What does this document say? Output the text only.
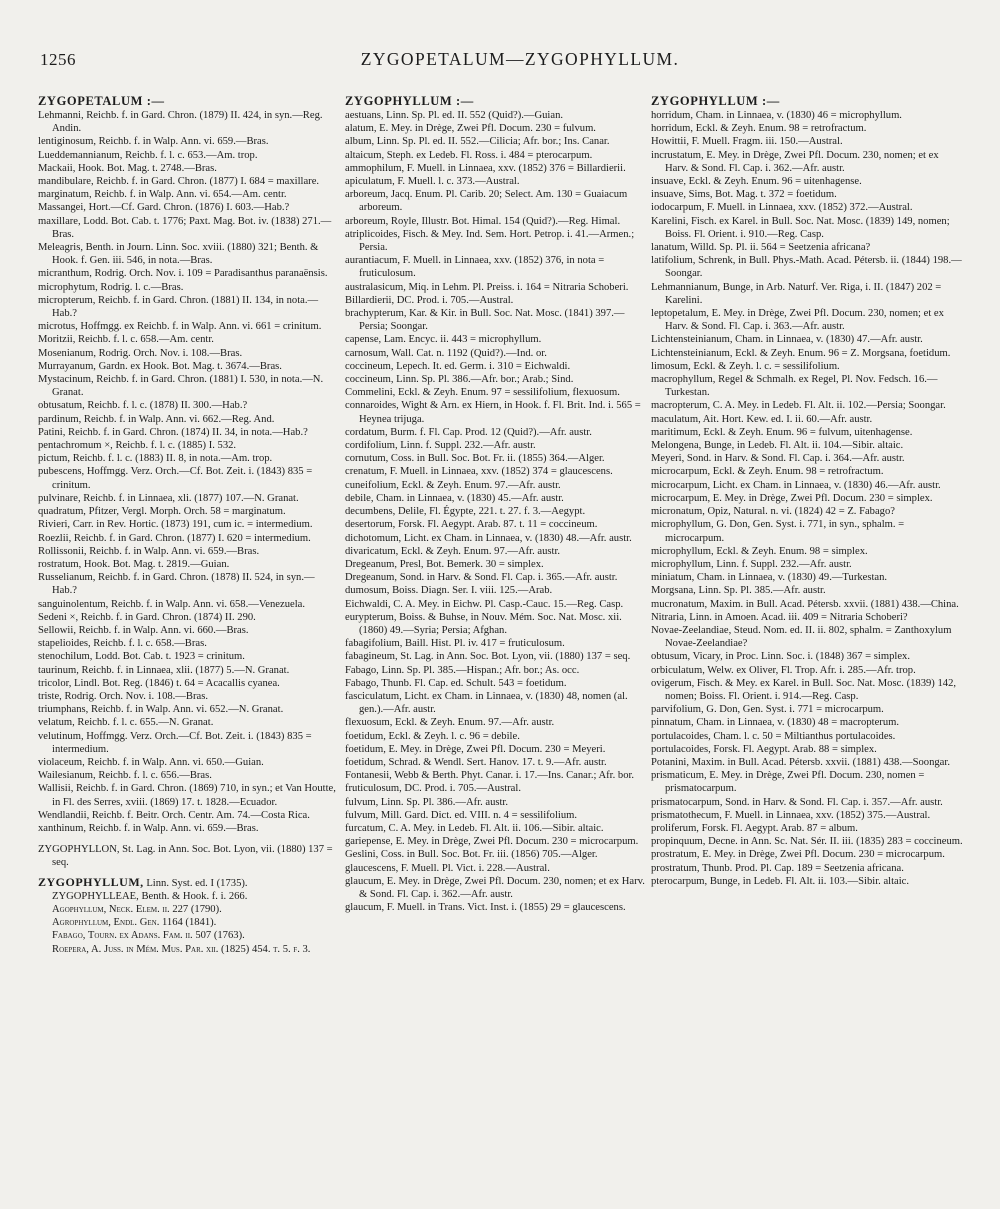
1256	ZYGOPETALUM—ZYGOPHYLLUM.
ZYGOPETALUM :—
Lehmanni, Reichb. f. in Gard. Chron. (1879) II. 424, in syn.—Reg. Andin.
lentiginosum, Reichb. f. in Walp. Ann. vi. 659.—Bras.
Lueddemannianum, Reichb. f. l. c. 653.—Am. trop.
Mackaii, Hook. Bot. Mag. t. 2748.—Bras.
mandibulare, Reichb. f. in Gard. Chron. (1877) I. 684 = maxillare.
marginatum, Reichb. f. in Walp. Ann. vi. 654.—Am. centr.
Massangei, Hort.—Cf. Gard. Chron. (1876) I. 603.—Hab.?
maxillare, Lodd. Bot. Cab. t. 1776; Paxt. Mag. Bot. iv. (1838) 271.—Bras.
Meleagris, Benth. in Journ. Linn. Soc. xviii. (1880) 321; Benth. & Hook. f. Gen. iii. 546, in nota.—Bras.
micranthum, Rodrig. Orch. Nov. i. 109 = Paradisanthus paranaënsis.
microphytum, Rodrig. l. c.—Bras.
micropterum, Reichb. f. in Gard. Chron. (1881) II. 134, in nota.—Hab.?
microtus, Hoffmgg. ex Reichb. f. in Walp. Ann. vi. 661 = crinitum.
Moritzii, Reichb. f. l. c. 658.—Am. centr.
Mosenianum, Rodrig. Orch. Nov. i. 108.—Bras.
Murrayanum, Gardn. ex Hook. Bot. Mag. t. 3674.—Bras.
Mystacinum, Reichb. f. in Gard. Chron. (1881) I. 530, in nota.—N. Granat.
obtusatum, Reichb. f. l. c. (1878) II. 300.—Hab.?
pardinum, Reichb. f. in Walp. Ann. vi. 662.—Reg. And.
Patini, Reichb. f. in Gard. Chron. (1874) II. 34, in nota.—Hab.?
pentachromum ×, Reichb. f. l. c. (1885) I. 532.
pictum, Reichb. f. l. c. (1883) II. 8, in nota.—Am. trop.
pubescens, Hoffmgg. Verz. Orch.—Cf. Bot. Zeit. i. (1843) 835 = crinitum.
pulvinare, Reichb. f. in Linnaea, xli. (1877) 107.—N. Granat.
quadratum, Pfitzer, Vergl. Morph. Orch. 58 = marginatum.
Rivieri, Carr. in Rev. Hortic. (1873) 191, cum ic. = intermedium.
Roezlii, Reichb. f. in Gard. Chron. (1877) I. 620 = intermedium.
Rollissonii, Reichb. f. in Walp. Ann. vi. 659.—Bras.
rostratum, Hook. Bot. Mag. t. 2819.—Guian.
Russelianum, Reichb. f. in Gard. Chron. (1878) II. 524, in syn.—Hab.?
sanguinolentum, Reichb. f. in Walp. Ann. vi. 658.—Venezuela.
Sedeni ×, Reichb. f. in Gard. Chron. (1874) II. 290.
Sellowii, Reichb. f. in Walp. Ann. vi. 660.—Bras.
stapelioides, Reichb. f. l. c. 658.—Bras.
stenochilum, Lodd. Bot. Cab. t. 1923 = crinitum.
taurinum, Reichb. f. in Linnaea, xlii. (1877) 5.—N. Granat.
tricolor, Lindl. Bot. Reg. (1846) t. 64 = Acacallis cyanea.
triste, Rodrig. Orch. Nov. i. 108.—Bras.
triumphans, Reichb. f. in Walp. Ann. vi. 652.—N. Granat.
velatum, Reichb. f. l. c. 655.—N. Granat.
velutinum, Hoffmgg. Verz. Orch.—Cf. Bot. Zeit. i. (1843) 835 = intermedium.
violaceum, Reichb. f. in Walp. Ann. vi. 650.—Guian.
Wailesianum, Reichb. f. l. c. 656.—Bras.
Wallisii, Reichb. f. in Gard. Chron. (1869) 710, in syn.; et Van Houtte, in Fl. des Serres, xviii. (1869) 17. t. 1828.—Ecuador.
Wendlandii, Reichb. f. Beitr. Orch. Centr. Am. 74.—Costa Rica.
xanthinum, Reichb. f. in Walp. Ann. vi. 659.—Bras.
ZYGOPHYLLON, St. Lag. in Ann. Soc. Bot. Lyon, vii. (1880) 137 = seq.
ZYGOPHYLLUM, Linn. Syst. ed. I (1735). ZYGOPHYLLEAE, Benth. & Hook. f. i. 266.
Agophyllum, Neck. Elem. ii. 227 (1790).
Agrophyllum, Endl. Gen. 1164 (1841).
Fabago, Tourn. ex Adans. Fam. ii. 507 (1763).
Roepera, A. Juss. in Mém. Mus. Par. xii. (1825) 454. t. 5. f. 3.
ZYGOPHYLLUM :—
aestuans, Linn. Sp. Pl. ed. II. 552 (Quid?).—Guian.
alatum, E. Mey. in Drège, Zwei Pfl. Docum. 230 = fulvum.
album, Linn. Sp. Pl. ed. II. 552.—Cilicia; Afr. bor.; Ins. Canar.
altaicum, Steph. ex Ledeb. Fl. Ross. i. 484 = pterocarpum.
ammophilum, F. Muell. in Linnaea, xxv. (1852) 376 = Billardierii.
apiculatum, F. Muell. l. c. 373.—Austral.
arboreum, Jacq. Enum. Pl. Carib. 20; Select. Am. 130 = Guaiacum arboreum.
arboreum, Royle, Illustr. Bot. Himal. 154 (Quid?).—Reg. Himal.
atriplicoides, Fisch. & Mey. Ind. Sem. Hort. Petrop. i. 41.—Armen.; Persia.
aurantiacum, F. Muell. in Linnaea, xxv. (1852) 376, in nota = fruticulosum.
australasicum, Miq. in Lehm. Pl. Preiss. i. 164 = Nitraria Schoberi.
Billardierii, DC. Prod. i. 705.—Austral.
brachypterum, Kar. & Kir. in Bull. Soc. Nat. Mosc. (1841) 397.—Persia; Soongar.
capense, Lam. Encyc. ii. 443 = microphyllum.
carnosum, Wall. Cat. n. 1192 (Quid?).—Ind. or.
coccineum, Lepech. It. ed. Germ. i. 310 = Eichwaldi.
coccineum, Linn. Sp. Pl. 386.—Afr. bor.; Arab.; Sind.
Commelini, Eckl. & Zeyh. Enum. 97 = sessilifolium, flexuosum.
connaroides, Wight & Arn. ex Hiern, in Hook. f. Fl. Brit. Ind. i. 565 = Heynea trijuga.
cordatum, Burm. f. Fl. Cap. Prod. 12 (Quid?).—Afr. austr.
cordifolium, Linn. f. Suppl. 232.—Afr. austr.
cornutum, Coss. in Bull. Soc. Bot. Fr. ii. (1855) 364.—Alger.
crenatum, F. Muell. in Linnaea, xxv. (1852) 374 = glaucescens.
cuneifolium, Eckl. & Zeyh. Enum. 97.—Afr. austr.
debile, Cham. in Linnaea, v. (1830) 45.—Afr. austr.
decumbens, Delile, Fl. Égypte, 221. t. 27. f. 3.—Aegypt.
desertorum, Forsk. Fl. Aegypt. Arab. 87. t. 11 = coccineum.
dichotomum, Licht. ex Cham. in Linnaea, v. (1830) 48.—Afr. austr.
divaricatum, Eckl. & Zeyh. Enum. 97.—Afr. austr.
Dregeanum, Presl, Bot. Bemerk. 30 = simplex.
Dregeanum, Sond. in Harv. & Sond. Fl. Cap. i. 365.—Afr. austr.
dumosum, Boiss. Diagn. Ser. I. viii. 125.—Arab.
Eichwaldi, C. A. Mey. in Eichw. Pl. Casp.-Cauc. 15.—Reg. Casp.
eurypterum, Boiss. & Buhse, in Nouv. Mém. Soc. Nat. Mosc. xii. (1860) 49.—Syria; Persia; Afghan.
fabagifolium, Baill. Hist. Pl. iv. 417 = fruticulosum.
fabagineum, St. Lag. in Ann. Soc. Bot. Lyon, vii. (1880) 137 = seq.
Fabago, Linn. Sp. Pl. 385.—Hispan.; Afr. bor.; As. occ.
Fabago, Thunb. Fl. Cap. ed. Schult. 543 = foetidum.
fasciculatum, Licht. ex Cham. in Linnaea, v. (1830) 48, nomen (al. gen.).—Afr. austr.
flexuosum, Eckl. & Zeyh. Enum. 97.—Afr. austr.
foetidum, Eckl. & Zeyh. l. c. 96 = debile.
foetidum, E. Mey. in Drège, Zwei Pfl. Docum. 230 = Meyeri.
foetidum, Schrad. & Wendl. Sert. Hanov. 17. t. 9.—Afr. austr.
Fontanesii, Webb & Berth. Phyt. Canar. i. 17.—Ins. Canar.; Afr. bor.
fruticulosum, DC. Prod. i. 705.—Austral.
fulvum, Linn. Sp. Pl. 386.—Afr. austr.
fulvum, Mill. Gard. Dict. ed. VIII. n. 4 = sessilifolium.
furcatum, C. A. Mey. in Ledeb. Fl. Alt. ii. 106.—Sibir. altaic.
gariepense, E. Mey. in Drège, Zwei Pfl. Docum. 230 = microcarpum.
Geslini, Coss. in Bull. Soc. Bot. Fr. iii. (1856) 705.—Alger.
glaucescens, F. Muell. Pl. Vict. i. 228.—Austral.
glaucum, E. Mey. in Drège, Zwei Pfl. Docum. 230, nomen; et ex Harv. & Sond. Fl. Cap. i. 362.—Afr. austr.
glaucum, F. Muell. in Trans. Vict. Inst. i. (1855) 29 = glaucescens.
ZYGOPHYLLUM :—
horridum, Cham. in Linnaea, v. (1830) 46 = microphyllum.
horridum, Eckl. & Zeyh. Enum. 98 = retrofractum.
Howittii, F. Muell. Fragm. iii. 150.—Austral.
incrustatum, E. Mey. in Drège, Zwei Pfl. Docum. 230, nomen; et ex Harv. & Sond. Fl. Cap. i. 362.—Afr. austr.
insuave, Eckl. & Zeyh. Enum. 96 = uitenhagense.
insuave, Sims, Bot. Mag. t. 372 = foetidum.
iodocarpum, F. Muell. in Linnaea, xxv. (1852) 372.—Austral.
Karelini, Fisch. ex Karel. in Bull. Soc. Nat. Mosc. (1839) 149, nomen; Boiss. Fl. Orient. i. 910.—Reg. Casp.
lanatum, Willd. Sp. Pl. ii. 564 = Seetzenia africana?
latifolium, Schrenk, in Bull. Phys.-Math. Acad. Pétersb. ii. (1844) 198.—Soongar.
Lehmannianum, Bunge, in Arb. Naturf. Ver. Riga, i. II. (1847) 202 = Karelini.
leptopetalum, E. Mey. in Drège, Zwei Pfl. Docum. 230, nomen; et ex Harv. & Sond. Fl. Cap. i. 363.—Afr. austr.
Lichtensteinianum, Cham. in Linnaea, v. (1830) 47.—Afr. austr.
Lichtensteinianum, Eckl. & Zeyh. Enum. 96 = Z. Morgsana, foetidum.
limosum, Eckl. & Zeyh. l. c. = sessilifolium.
macrophyllum, Regel & Schmalh. ex Regel, Pl. Nov. Fedsch. 16.—Turkestan.
macropterum, C. A. Mey. in Ledeb. Fl. Alt. ii. 102.—Persia; Soongar.
maculatum, Ait. Hort. Kew. ed. I. ii. 60.—Afr. austr.
maritimum, Eckl. & Zeyh. Enum. 96 = fulvum, uitenhagense.
Melongena, Bunge, in Ledeb. Fl. Alt. ii. 104.—Sibir. altaic.
Meyeri, Sond. in Harv. & Sond. Fl. Cap. i. 364.—Afr. austr.
microcarpum, Eckl. & Zeyh. Enum. 98 = retrofractum.
microcarpum, Licht. ex Cham. in Linnaea, v. (1830) 46.—Afr. austr.
microcarpum, E. Mey. in Drège, Zwei Pfl. Docum. 230 = simplex.
micronatum, Opiz, Natural. n. vi. (1824) 42 = Z. Fabago?
microphyllum, G. Don, Gen. Syst. i. 771, in syn., sphalm. = microcarpum.
microphyllum, Eckl. & Zeyh. Enum. 98 = simplex.
microphyllum, Linn. f. Suppl. 232.—Afr. austr.
miniatum, Cham. in Linnaea, v. (1830) 49.—Turkestan.
Morgsana, Linn. Sp. Pl. 385.—Afr. austr.
mucronatum, Maxim. in Bull. Acad. Pétersb. xxvii. (1881) 438.—China.
Nitraria, Linn. in Amoen. Acad. iii. 409 = Nitraria Schoberi?
Novae-Zeelandiae, Steud. Nom. ed. II. ii. 802, sphalm. = Zanthoxylum Novae-Zeelandiae?
obtusum, Vicary, in Proc. Linn. Soc. i. (1848) 367 = simplex.
orbiculatum, Welw. ex Oliver, Fl. Trop. Afr. i. 285.—Afr. trop.
ovigerum, Fisch. & Mey. ex Karel. in Bull. Soc. Nat. Mosc. (1839) 142, nomen; Boiss. Fl. Orient. i. 914.—Reg. Casp.
parvifolium, G. Don, Gen. Syst. i. 771 = microcarpum.
pinnatum, Cham. in Linnaea, v. (1830) 48 = macropterum.
portulacoides, Cham. l. c. 50 = Miltianthus portulacoides.
portulacoides, Forsk. Fl. Aegypt. Arab. 88 = simplex.
Potanini, Maxim. in Bull. Acad. Pétersb. xxvii. (1881) 438.—Soongar.
prismaticum, E. Mey. in Drège, Zwei Pfl. Docum. 230, nomen = prismatocarpum.
prismatocarpum, Sond. in Harv. & Sond. Fl. Cap. i. 357.—Afr. austr.
prismatothecum, F. Muell. in Linnaea, xxv. (1852) 375.—Austral.
proliferum, Forsk. Fl. Aegypt. Arab. 87 = album.
propinquum, Decne. in Ann. Sc. Nat. Sér. II. iii. (1835) 283 = coccineum.
prostratum, E. Mey. in Drège, Zwei Pfl. Docum. 230 = microcarpum.
prostratum, Thunb. Prod. Pl. Cap. 189 = Seetzenia africana.
pterocarpum, Bunge, in Ledeb. Fl. Alt. ii. 103.—Sibir. altaic.
